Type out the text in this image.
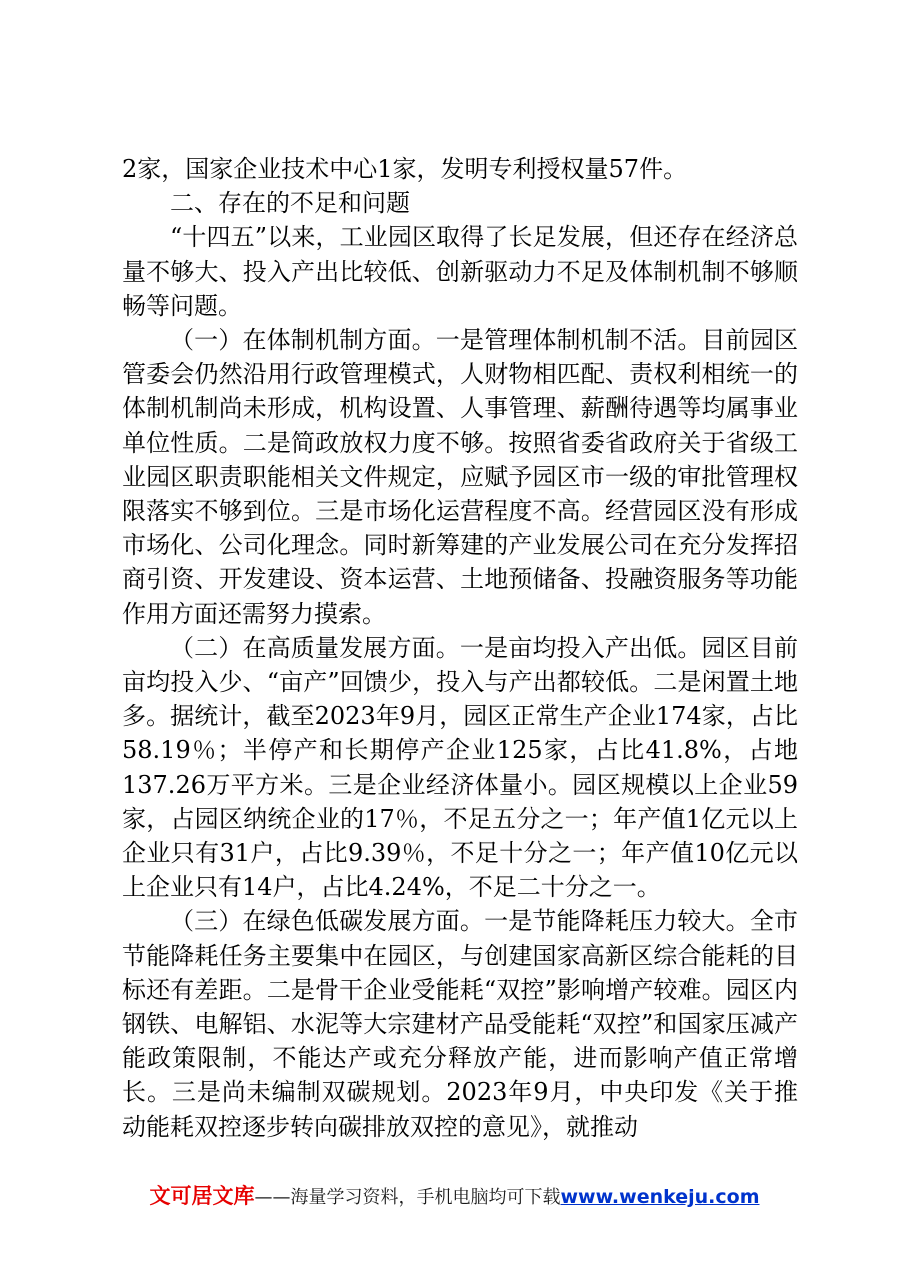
2家，国家企业技术中心1家，发明专利授权量57件。

二、存在的不足和问题

“十四五”以来，工业园区取得了长足发展，但还存在经济总量不够大、投入产出比较低、创新驱动力不足及体制机制不够顺畅等问题。

（一）在体制机制方面。一是管理体制机制不活。目前园区管委会仍然沿用行政管理模式，人财物相匹配、责权利相统一的体制机制尚未形成，机构设置、人事管理、薪酬待遇等均属事业单位性质。二是简政放权力度不够。按照省委省政府关于省级工业园区职责职能相关文件规定，应赋予园区市一级的审批管理权限落实不够到位。三是市场化运营程度不高。经营园区没有形成市场化、公司化理念。同时新筹建的产业发展公司在充分发挥招商引资、开发建设、资本运营、土地预储备、投融资服务等功能作用方面还需努力摸索。

（二）在高质量发展方面。一是亩均投入产出低。园区目前亩均投入少、“亩产”回馈少，投入与产出都较低。二是闲置土地多。据统计，截至2023年9月，园区正常生产企业174家，占比58.19％；半停产和长期停产企业125家，占比41.8%，占地137.26万平方米。三是企业经济体量小。园区规模以上企业59家，占园区纳统企业的17％，不足五分之一；年产值1亿元以上企业只有31户，占比9.39％，不足十分之一；年产值10亿元以上企业只有14户，占比4.24%，不足二十分之一。

（三）在绿色低碳发展方面。一是节能降耗压力较大。全市节能降耗任务主要集中在园区，与创建国家高新区综合能耗的目标还有差距。二是骨干企业受能耗“双控”影响增产较难。园区内钢铁、电解铝、水泥等大宗建材产品受能耗“双控”和国家压减产能政策限制，不能达产或充分释放产能，进而影响产值正常增长。三是尚未编制双碳规划。2023年9月，中央印发《关于推动能耗双控逐步转向碳排放双控的意见》，就推动

文可居文库——海量学习资料，手机电脑均可下载www.wenkeju.com
